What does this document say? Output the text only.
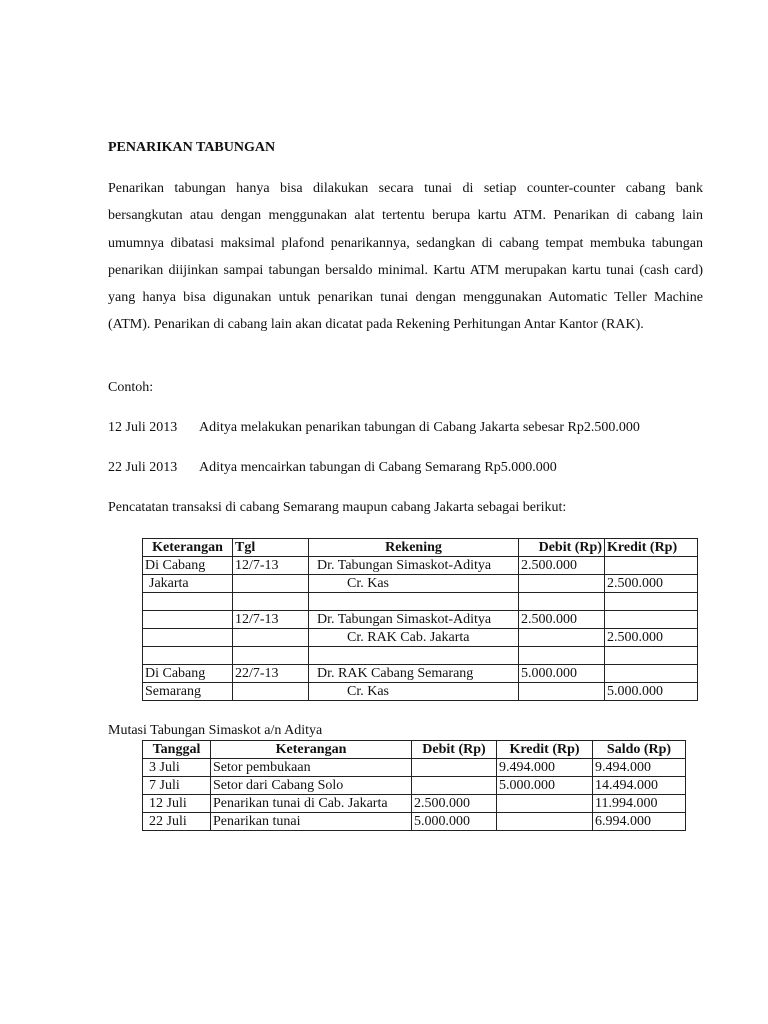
PENARIKAN TABUNGAN

Penarikan tabungan hanya bisa dilakukan secara tunai di setiap counter-counter cabang bank bersangkutan atau dengan menggunakan alat tertentu berupa kartu ATM. Penarikan di cabang lain umumnya dibatasi maksimal plafond penarikannya, sedangkan di cabang tempat membuka tabungan penarikan diijinkan sampai tabungan bersaldo minimal. Kartu ATM merupakan kartu tunai (cash card) yang hanya bisa digunakan untuk penarikan tunai dengan menggunakan Automatic Teller Machine (ATM). Penarikan di cabang lain akan dicatat pada Rekening Perhitungan Antar Kantor (RAK).

Contoh:

12 Juli 2013 Aditya melakukan penarikan tabungan di Cabang Jakarta sebesar Rp2.500.000

22 Juli 2013 Aditya mencairkan tabungan di Cabang Semarang Rp5.000.000

Pencatatan transaksi di cabang Semarang maupun cabang Jakarta sebagai berikut:

Keterangan	Tgl	Rekening	Debit (Rp)	Kredit (Rp)
Di Cabang	12/7-13	Dr. Tabungan Simaskot-Aditya	2.500.000	
Jakarta		Cr. Kas		2.500.000

	12/7-13	Dr. Tabungan Simaskot-Aditya	2.500.000	
		Cr. RAK Cab. Jakarta		2.500.000

Di Cabang	22/7-13	Dr. RAK Cabang Semarang	5.000.000	
Semarang		Cr. Kas		5.000.000

Mutasi Tabungan Simaskot a/n Aditya

Tanggal	Keterangan	Debit (Rp)	Kredit (Rp)	Saldo (Rp)
3 Juli	Setor pembukaan		9.494.000	9.494.000
7 Juli	Setor dari Cabang Solo		5.000.000	14.494.000
12 Juli	Penarikan tunai di Cab. Jakarta	2.500.000		11.994.000
22 Juli	Penarikan tunai	5.000.000		6.994.000
